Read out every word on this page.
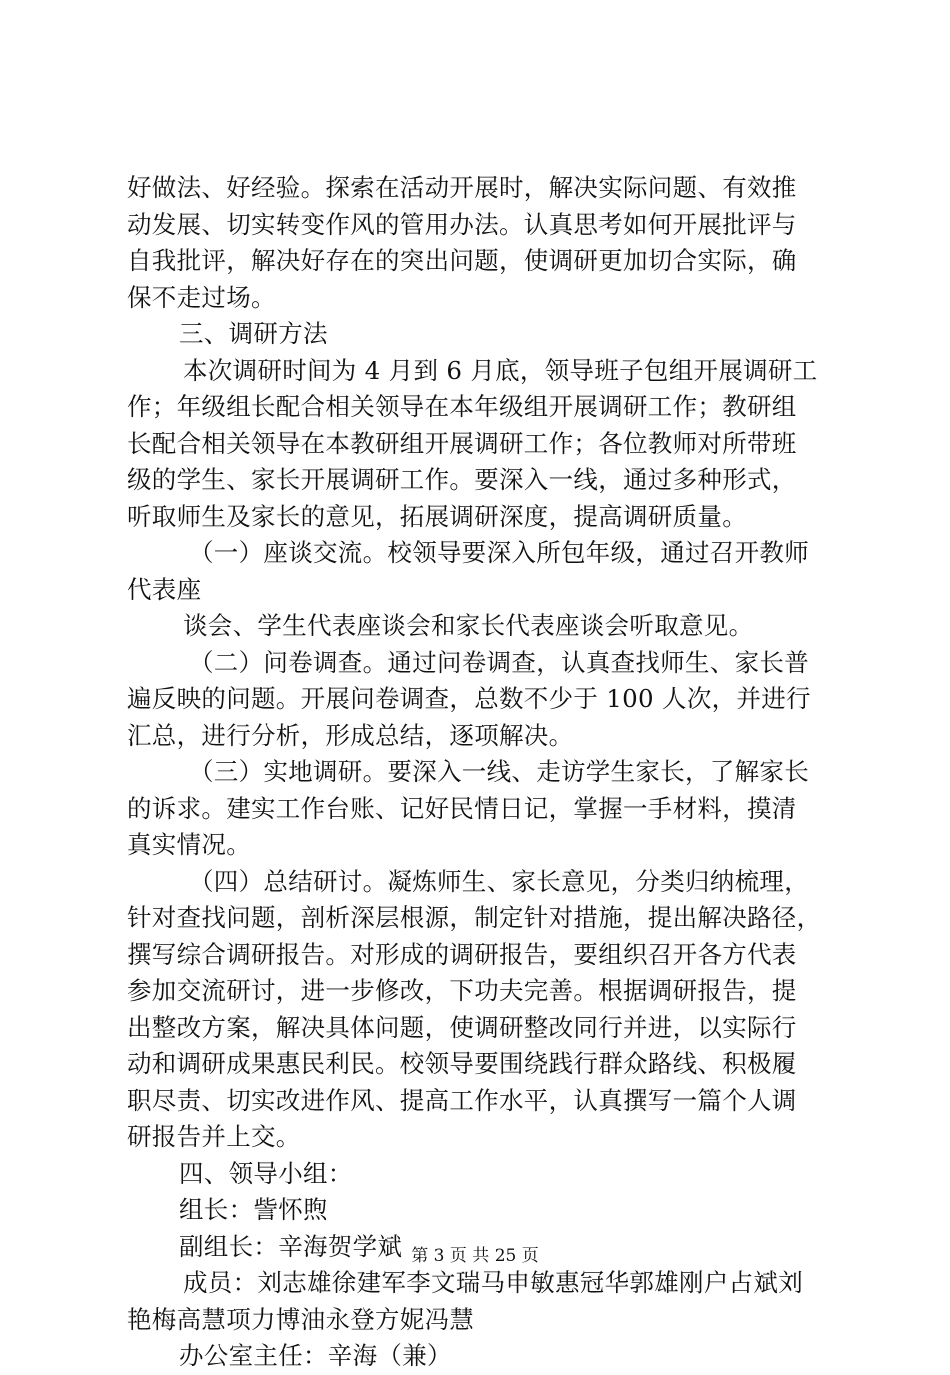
好做法、好经验。探索在活动开展时，解决实际问题、有效推
动发展、切实转变作风的管用办法。认真思考如何开展批评与
自我批评，解决好存在的突出问题，使调研更加切合实际，确
保不走过场。
三、调研方法
本次调研时间为 4 月到 6 月底，领导班子包组开展调研工
作；年级组长配合相关领导在本年级组开展调研工作；教研组
长配合相关领导在本教研组开展调研工作；各位教师对所带班
级的学生、家长开展调研工作。要深入一线，通过多种形式，
听取师生及家长的意见，拓展调研深度，提高调研质量。
（一）座谈交流。校领导要深入所包年级，通过召开教师
代表座
谈会、学生代表座谈会和家长代表座谈会听取意见。
（二）问卷调查。通过问卷调查，认真查找师生、家长普
遍反映的问题。开展问卷调查，总数不少于 100 人次，并进行
汇总，进行分析，形成总结，逐项解决。
（三）实地调研。要深入一线、走访学生家长，了解家长
的诉求。建实工作台账、记好民情日记，掌握一手材料，摸清
真实情况。
（四）总结研讨。凝炼师生、家长意见，分类归纳梳理，
针对查找问题，剖析深层根源，制定针对措施，提出解决路径，
撰写综合调研报告。对形成的调研报告，要组织召开各方代表
参加交流研讨，进一步修改，下功夫完善。根据调研报告，提
出整改方案，解决具体问题，使调研整改同行并进，以实际行
动和调研成果惠民利民。校领导要围绕践行群众路线、积极履
职尽责、切实改进作风、提高工作水平，认真撰写一篇个人调
研报告并上交。
四、领导小组：
组长：訾怀煦
副组长：辛海贺学斌
成员：刘志雄徐建军李文瑞马申敏惠冠华郭雄刚户占斌刘
艳梅高慧项力博油永登方妮冯慧
办公室主任：辛海（兼）
第 3 页 共 25 页
